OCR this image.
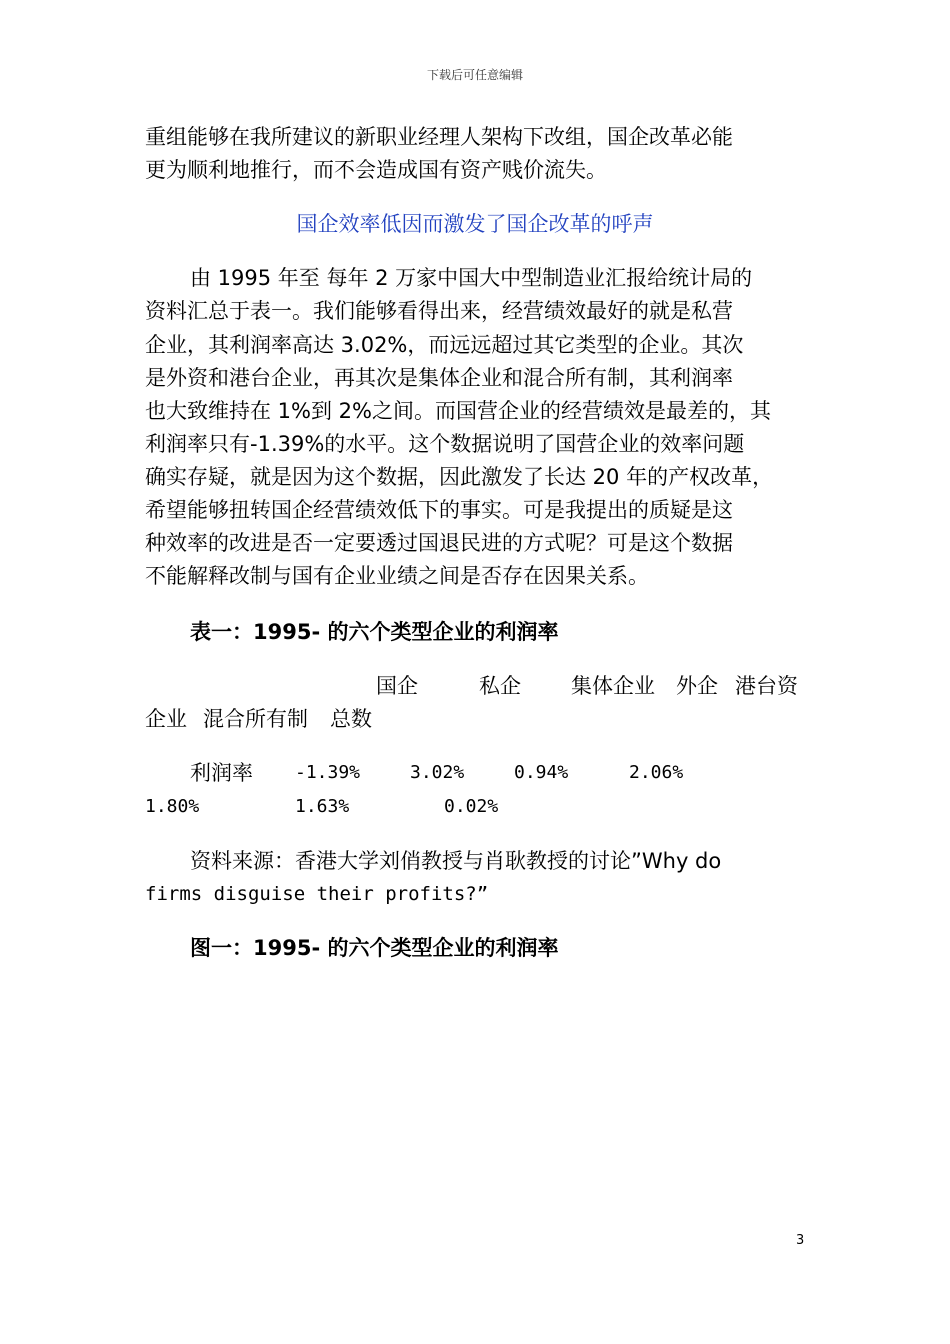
下载后可任意编辑
重组能够在我所建议的新职业经理人架构下改组，国企改革必能
更为顺利地推行，而不会造成国有资产贱价流失。
国企效率低因而激发了国企改革的呼声
由 1995 年至 每年 2 万家中国大中型制造业汇报给统计局的
资料汇总于表一。我们能够看得出来，经营绩效最好的就是私营
企业，其利润率高达 3.02%，而远远超过其它类型的企业。其次
是外资和港台企业，再其次是集体企业和混合所有制，其利润率
也大致维持在 1%到 2%之间。而国营企业的经营绩效是最差的，其
利润率只有-1.39%的水平。这个数据说明了国营企业的效率问题
确实存疑，就是因为这个数据，因此激发了长达 20 年的产权改革，
希望能够扭转国企经营绩效低下的事实。可是我提出的质疑是这
种效率的改进是否一定要透过国退民进的方式呢？可是这个数据
不能解释改制与国有企业业绩之间是否存在因果关系。
表一：1995- 的六个类型企业的利润率
国企	私企 集体企业 外企 港台资
企业 混合所有制 总数
利润率 -1.39%	3.02%	0.94%	2.06%
1.80%	1.63%	0.02%
资料来源：香港大学刘俏教授与肖耿教授的讨论”Why do
firms disguise their profits?”
图一：1995- 的六个类型企业的利润率
3
